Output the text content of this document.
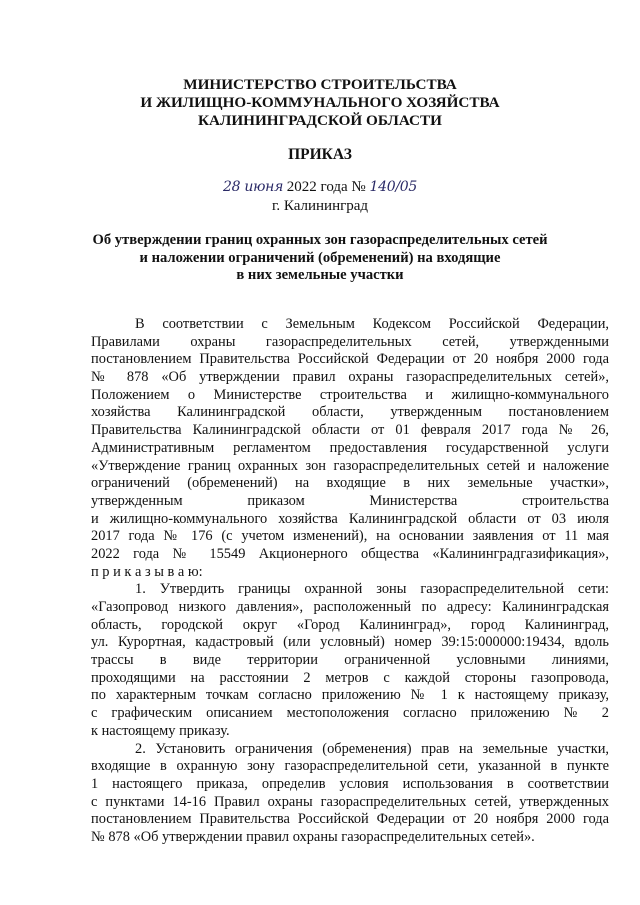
МИНИСТЕРСТВО СТРОИТЕЛЬСТВА
И ЖИЛИЩНО-КОММУНАЛЬНОГО ХОЗЯЙСТВА
КАЛИНИНГРАДСКОЙ ОБЛАСТИ
ПРИКАЗ
28 июня 2022 года № 140/05
г. Калининград
Об утверждении границ охранных зон газораспределительных сетей
и наложении ограничений (обременений) на входящие
в них земельные участки
В соответствии с Земельным Кодексом Российской Федерации,
Правилами охраны газораспределительных сетей, утвержденными
постановлением Правительства Российской Федерации от 20 ноября 2000 года
№ 878 «Об утверждении правил охраны газораспределительных сетей»,
Положением о Министерстве строительства и жилищно-коммунального
хозяйства Калининградской области, утвержденным постановлением
Правительства Калининградской области от 01 февраля 2017 года № 26,
Административным регламентом предоставления государственной услуги
«Утверждение границ охранных зон газораспределительных сетей и наложение
ограничений (обременений) на входящие в них земельные участки»,
утвержденным приказом Министерства строительства
и жилищно-коммунального хозяйства Калининградской области от 03 июля
2017 года № 176 (с учетом изменений), на основании заявления от 11 мая
2022 года № 15549 Акционерного общества «Калининградгазификация»,
п р и к а з ы в а ю:
1. Утвердить границы охранной зоны газораспределительной сети:
«Газопровод низкого давления», расположенный по адресу: Калининградская
область, городской округ «Город Калининград», город Калининград,
ул. Курортная, кадастровый (или условный) номер 39:15:000000:19434, вдоль
трассы в виде территории ограниченной условными линиями,
проходящими на расстоянии 2 метров с каждой стороны газопровода,
по характерным точкам согласно приложению № 1 к настоящему приказу,
с графическим описанием местоположения согласно приложению № 2
к настоящему приказу.
2. Установить ограничения (обременения) прав на земельные участки,
входящие в охранную зону газораспределительной сети, указанной в пункте
1 настоящего приказа, определив условия использования в соответствии
с пунктами 14-16 Правил охраны газораспределительных сетей, утвержденных
постановлением Правительства Российской Федерации от 20 ноября 2000 года
№ 878 «Об утверждении правил охраны газораспределительных сетей».
